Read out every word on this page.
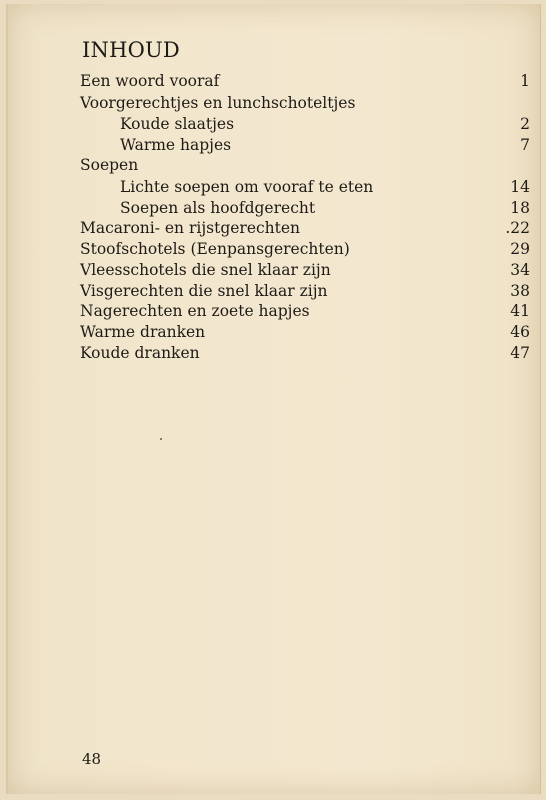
INHOUD
Een woord vooraf	1
Voorgerechtjes en lunchschoteltjes
Koude slaatjes	2
Warme hapjes	7
Soepen
Lichte soepen om vooraf te eten	14
Soepen als hoofdgerecht	18
Macaroni- en rijstgerechten	.22
Stoofschotels (Eenpansgerechten)	29
Vleesschotels die snel klaar zijn	34
Visgerechten die snel klaar zijn	38
Nagerechten en zoete hapjes	41
Warme dranken	46
Koude dranken	47
48
